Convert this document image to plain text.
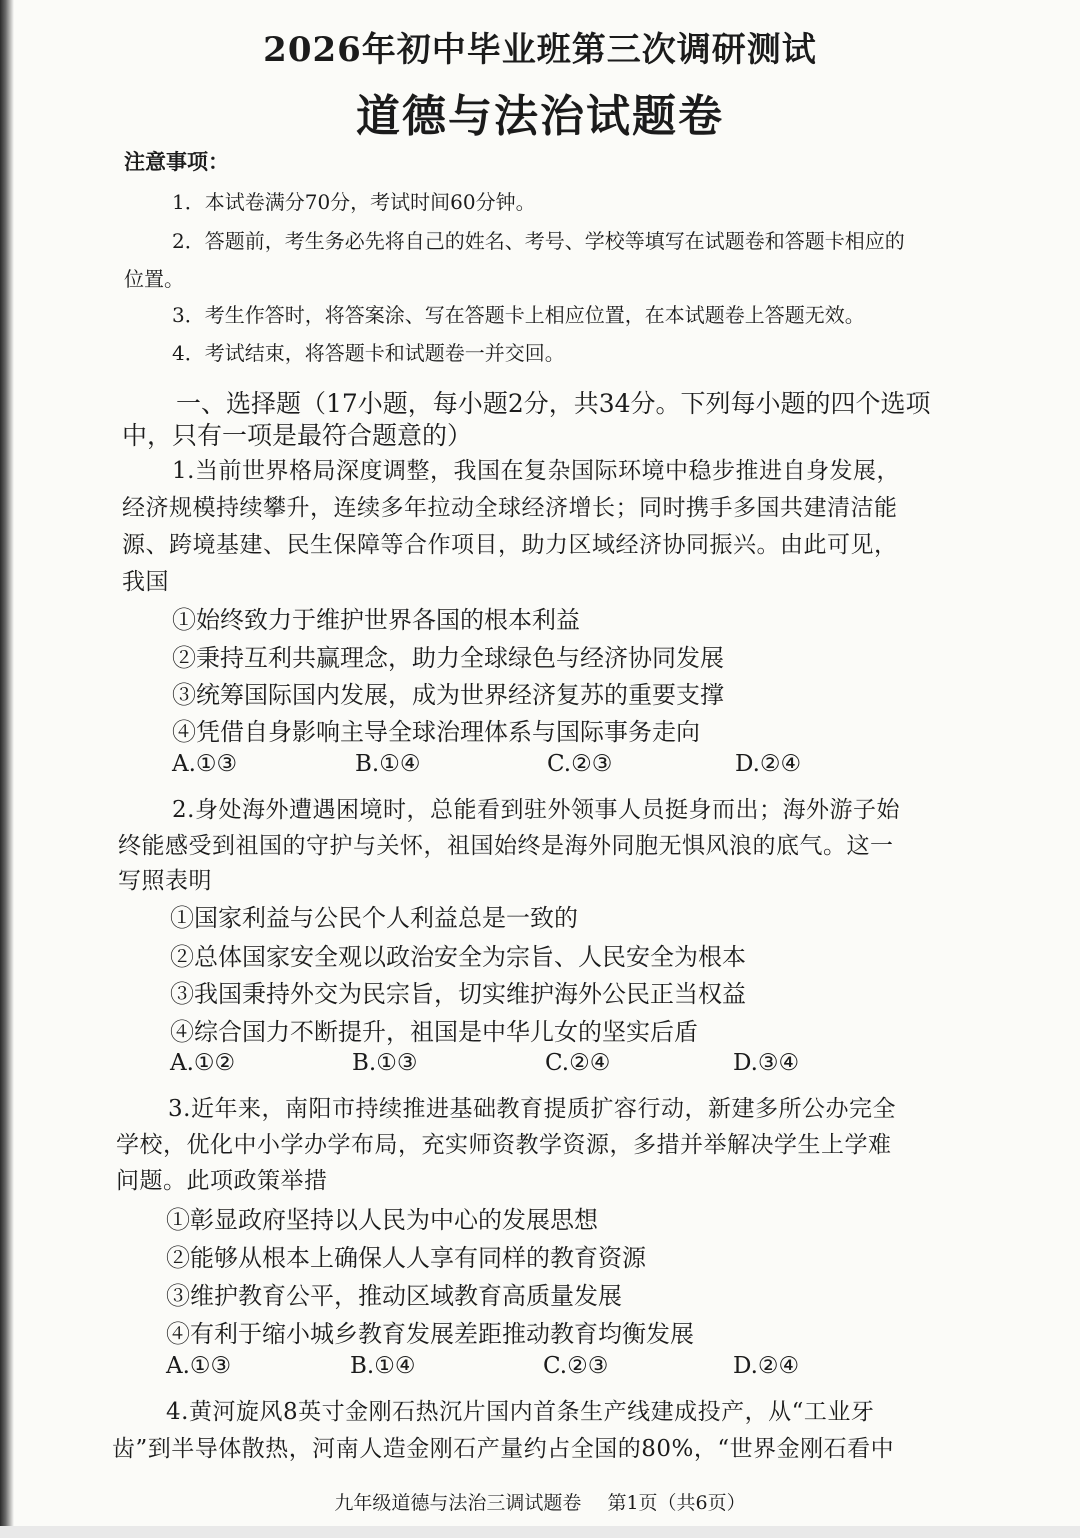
2026年初中毕业班第三次调研测试
道德与法治试题卷
注意事项：
1．本试卷满分70分，考试时间60分钟。
2．答题前，考生务必先将自己的姓名、考号、学校等填写在试题卷和答题卡相应的
位置。
3．考生作答时，将答案涂、写在答题卡上相应位置，在本试题卷上答题无效。
4．考试结束，将答题卡和试题卷一并交回。
一、选择题（17小题，每小题2分，共34分。下列每小题的四个选项
中，只有一项是最符合题意的）
1.当前世界格局深度调整，我国在复杂国际环境中稳步推进自身发展，
经济规模持续攀升，连续多年拉动全球经济增长；同时携手多国共建清洁能
源、跨境基建、民生保障等合作项目，助力区域经济协同振兴。由此可见，
我国
①始终致力于维护世界各国的根本利益
②秉持互利共赢理念，助力全球绿色与经济协同发展
③统筹国际国内发展，成为世界经济复苏的重要支撑
④凭借自身影响主导全球治理体系与国际事务走向
A.①③	B.①④	C.②③	D.②④
2.身处海外遭遇困境时，总能看到驻外领事人员挺身而出；海外游子始
终能感受到祖国的守护与关怀，祖国始终是海外同胞无惧风浪的底气。这一
写照表明
①国家利益与公民个人利益总是一致的
②总体国家安全观以政治安全为宗旨、人民安全为根本
③我国秉持外交为民宗旨，切实维护海外公民正当权益
④综合国力不断提升，祖国是中华儿女的坚实后盾
A.①②	B.①③	C.②④	D.③④
3.近年来，南阳市持续推进基础教育提质扩容行动，新建多所公办完全
学校，优化中小学办学布局，充实师资教学资源，多措并举解决学生上学难
问题。此项政策举措
①彰显政府坚持以人民为中心的发展思想
②能够从根本上确保人人享有同样的教育资源
③维护教育公平，推动区域教育高质量发展
④有利于缩小城乡教育发展差距推动教育均衡发展
A.①③	B.①④	C.②③	D.②④
4.黄河旋风8英寸金刚石热沉片国内首条生产线建成投产，从“工业牙
齿”到半导体散热，河南人造金刚石产量约占全国的80%，“世界金刚石看中
九年级道德与法治三调试题卷 第1页（共6页）
